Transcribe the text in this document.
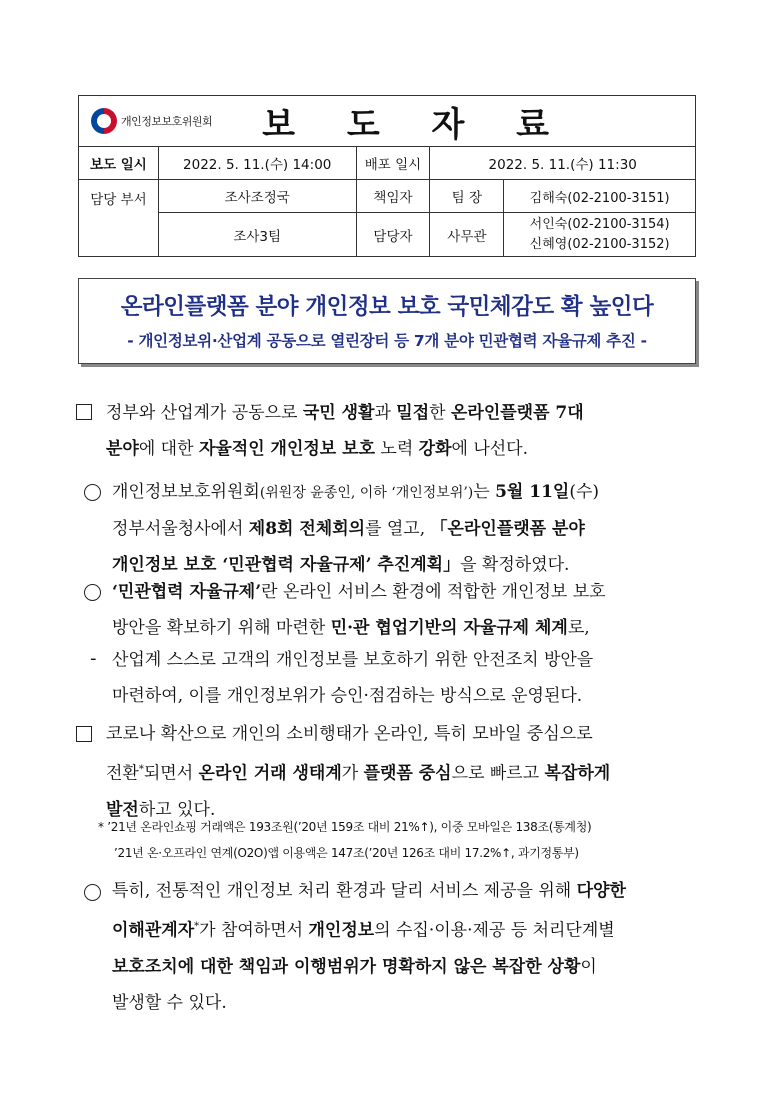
개인정보보호위원회 보 도 자 료				

보도 일시	2022. 5. 11.(수) 14:00	배포 일시	2022. 5. 11.(수) 11:30	
담당 부서	조사조정국	책임자	팀 장	김해숙(02-2100-3151)
	조사3팀	담당자	사무관	서인숙(02-2100-3154)
신혜영(02-2100-3152)
온라인플랫폼 분야 개인정보 보호 국민체감도 확 높인다
- 개인정보위·산업계 공동으로 열린장터 등 7개 분야 민관협력 자율규제 추진 -
정부와 산업계가 공동으로 국민 생활과 밀접한 온라인플랫폼 7대
분야에 대한 자율적인 개인정보 보호 노력 강화에 나선다.
개인정보보호위원회(위원장 윤종인, 이하 ‘개인정보위’)는 5월 11일(수)
정부서울청사에서 제8회 전체회의를 열고, 「온라인플랫폼 분야
개인정보 보호 ‘민관협력 자율규제’ 추진계획」을 확정하였다.
‘민관협력 자율규제’란 온라인 서비스 환경에 적합한 개인정보 보호
방안을 확보하기 위해 마련한 민·관 협업기반의 자율규제 체계로,
- 산업계 스스로 고객의 개인정보를 보호하기 위한 안전조치 방안을
마련하여, 이를 개인정보위가 승인·점검하는 방식으로 운영된다.
코로나 확산으로 개인의 소비행태가 온라인, 특히 모바일 중심으로
전환*되면서 온라인 거래 생태계가 플랫폼 중심으로 빠르고 복잡하게
발전하고 있다.
* ’21년 온라인쇼핑 거래액은 193조원(’20년 159조 대비 21%↑), 이중 모바일은 138조(통계청)
’21년 온·오프라인 연계(O2O)앱 이용액은 147조(’20년 126조 대비 17.2%↑, 과기정통부)
특히, 전통적인 개인정보 처리 환경과 달리 서비스 제공을 위해 다양한
이해관계자*가 참여하면서 개인정보의 수집·이용·제공 등 처리단계별
보호조치에 대한 책임과 이행범위가 명확하지 않은 복잡한 상황이
발생할 수 있다.
